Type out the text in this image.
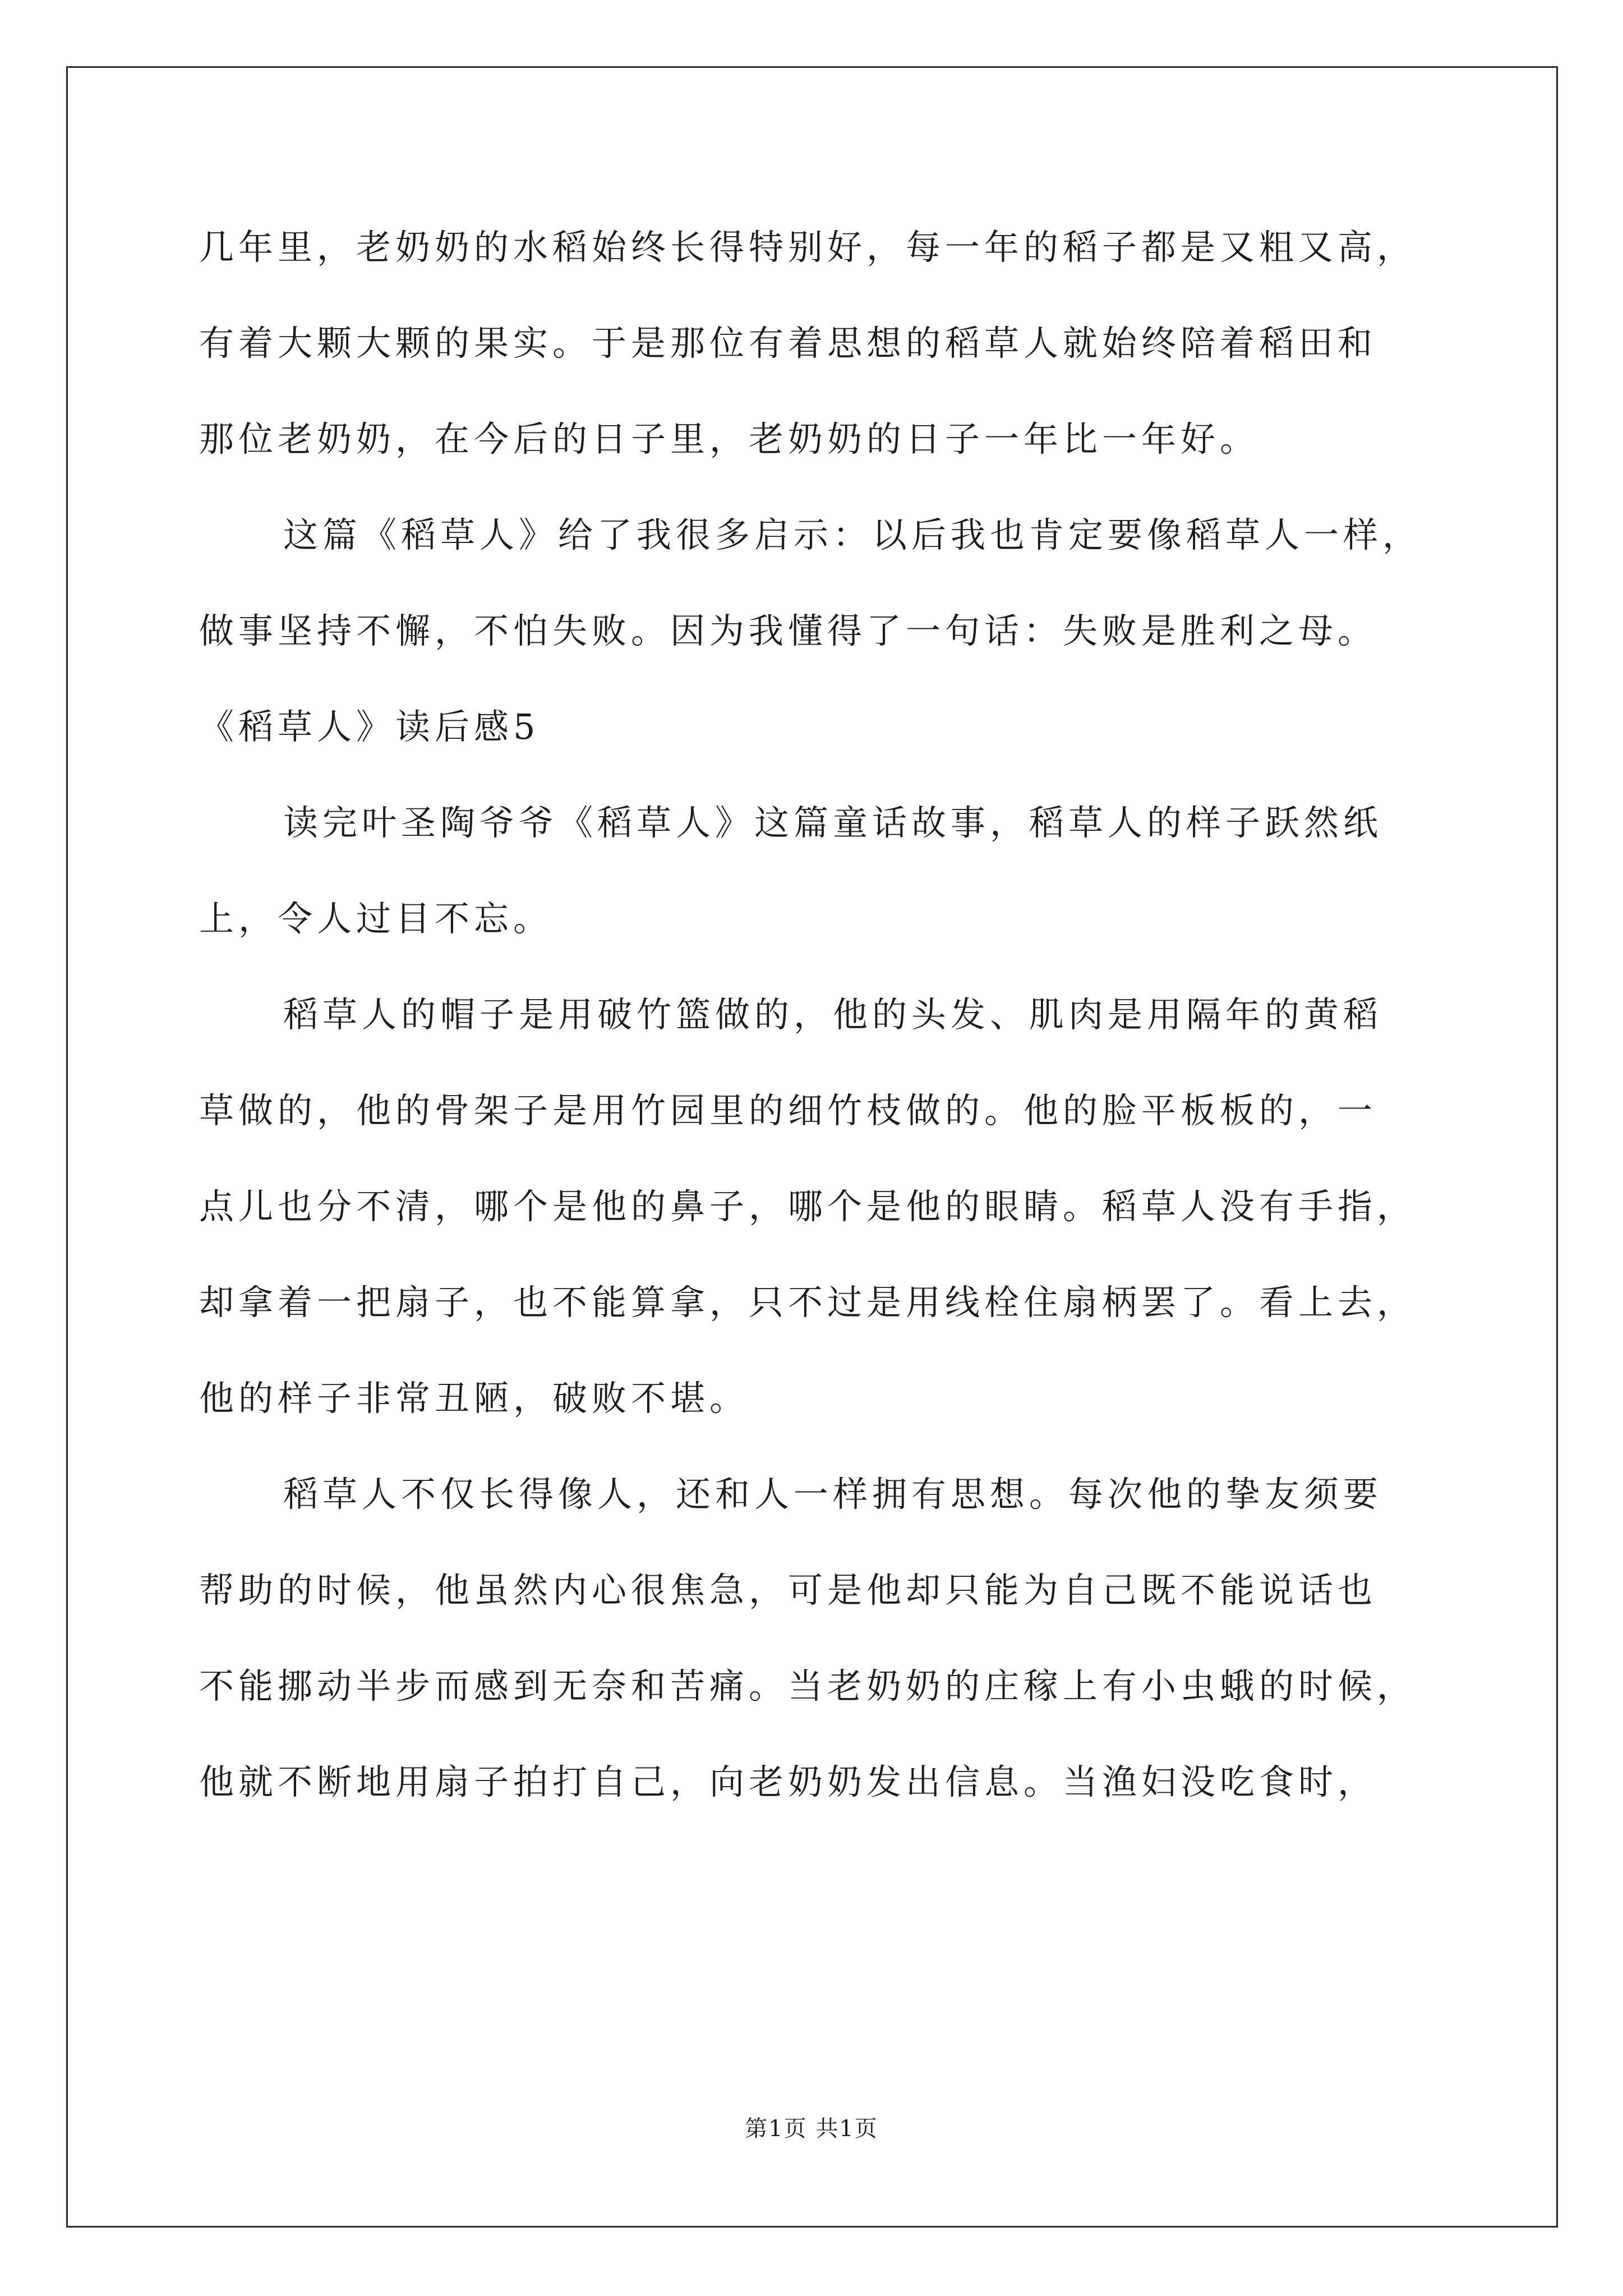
几年里，老奶奶的水稻始终长得特别好，每一年的稻子都是又粗又高，
有着大颗大颗的果实。于是那位有着思想的稻草人就始终陪着稻田和
那位老奶奶，在今后的日子里，老奶奶的日子一年比一年好。
这篇《稻草人》给了我很多启示：以后我也肯定要像稻草人一样，
做事坚持不懈，不怕失败。因为我懂得了一句话：失败是胜利之母。
《稻草人》读后感5
读完叶圣陶爷爷《稻草人》这篇童话故事，稻草人的样子跃然纸
上，令人过目不忘。
稻草人的帽子是用破竹篮做的，他的头发、肌肉是用隔年的黄稻
草做的，他的骨架子是用竹园里的细竹枝做的。他的脸平板板的，一
点儿也分不清，哪个是他的鼻子，哪个是他的眼睛。稻草人没有手指，
却拿着一把扇子，也不能算拿，只不过是用线栓住扇柄罢了。看上去，
他的样子非常丑陋，破败不堪。
稻草人不仅长得像人，还和人一样拥有思想。每次他的挚友须要
帮助的时候，他虽然内心很焦急，可是他却只能为自己既不能说话也
不能挪动半步而感到无奈和苦痛。当老奶奶的庄稼上有小虫蛾的时候，
他就不断地用扇子拍打自己，向老奶奶发出信息。当渔妇没吃食时，
第1页 共1页
